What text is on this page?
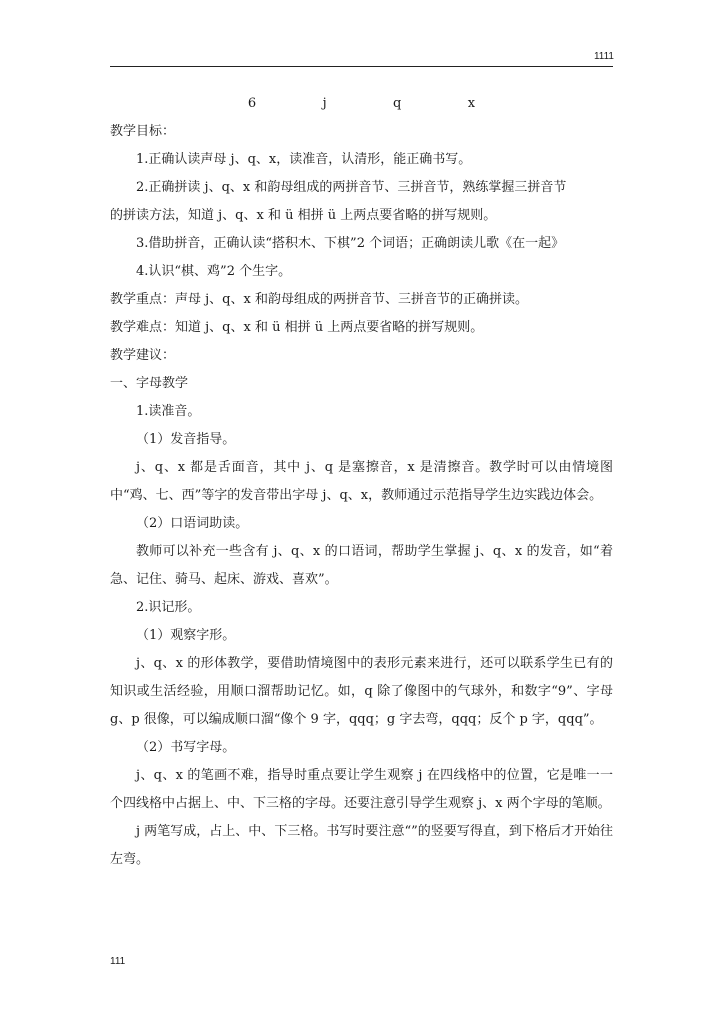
1111
6   j   q   x
教学目标：
1.正确认读声母 j、q、x，读准音，认清形，能正确书写。
2.正确拼读 j、q、x 和韵母组成的两拼音节、三拼音节，熟练掌握三拼音节
的拼读方法，知道 j、q、x 和 ü 相拼 ü 上两点要省略的拼写规则。
3.借助拼音，正确认读“搭积木、下棋”2 个词语；正确朗读儿歌《在一起》
4.认识“棋、鸡”2 个生字。
教学重点：声母 j、q、x 和韵母组成的两拼音节、三拼音节的正确拼读。
教学难点：知道 j、q、x 和 ü 相拼 ü 上两点要省略的拼写规则。
教学建议：
一、字母教学
1.读准音。
（1）发音指导。
j、q、x 都是舌面音，其中 j、q 是塞擦音，x 是清擦音。教学时可以由情境图中“鸡、七、西”等字的发音带出字母 j、q、x，教师通过示范指导学生边实践边体会。
（2）口语词助读。
教师可以补充一些含有 j、q、x 的口语词，帮助学生掌握 j、q、x 的发音，如“着急、记住、骑马、起床、游戏、喜欢”。
2.识记形。
（1）观察字形。
j、q、x 的形体教学，要借助情境图中的表形元素来进行，还可以联系学生已有的知识或生活经验，用顺口溜帮助记忆。如，q 除了像图中的气球外，和数字“9”、字母 g、p 很像，可以编成顺口溜“像个 9 字，qqq；g 字去弯，qqq；反个 p 字，qqq”。
（2）书写字母。
j、q、x 的笔画不难，指导时重点要让学生观察 j 在四线格中的位置，它是唯一一个四线格中占据上、中、下三格的字母。还要注意引导学生观察 j、x 两个字母的笔顺。
j 两笔写成，占上、中、下三格。书写时要注意“”的竖要写得直，到下格后才开始往左弯。
111
